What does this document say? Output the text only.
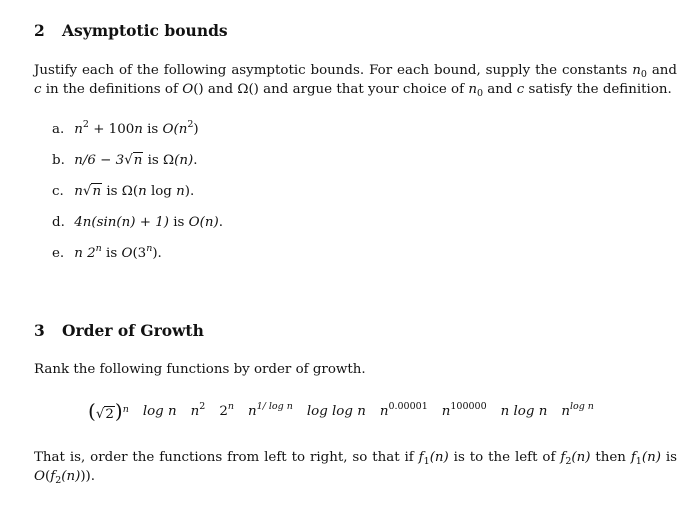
2 Asymptotic bounds
Justify each of the following asymptotic bounds. For each bound, supply the constants $n_0$ and c in the definitions of O() and Ω() and argue that your choice of $n_0$ and c satisfy the definition.
a. $n^2 + 100n$ is $O(n^2)$
b. n/6 − 3√n is Ω(n).
c. n√n is Ω(n log n).
d. 4n(sin(n) + 1) is O(n).
e. n 2$^n$ is O(3$^n$).
3 Order of Growth
Rank the following functions by order of growth.
$(√2)^n$ log n $n^2$ 2$^n$ $n^{1/ log n}$ log log n $n^{0.00001}$ $n^{100000}$ n log n $n^{log n}$
That is, order the functions from left to right, so that if $f_1(n)$ is to the left of $f_2(n)$ then $f_1(n)$ is $O(f_2(n))$).
